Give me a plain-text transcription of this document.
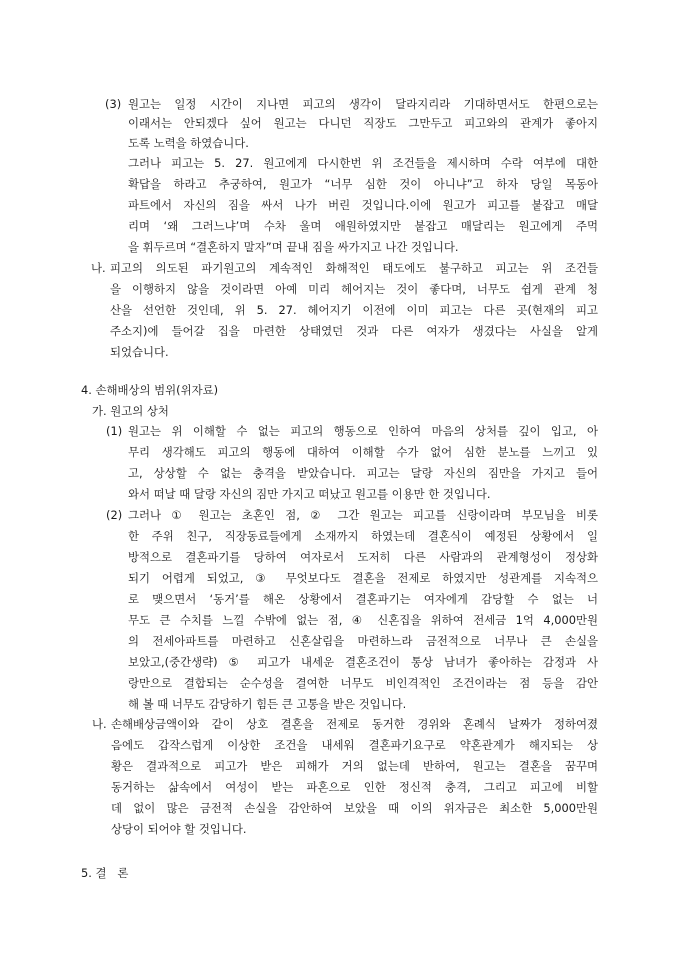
(3) 원고는 일정 시간이 지나면 피고의 생각이 달라지리라 기대하면서도 한편으로는
이래서는 안되겠다 싶어 원고는 다니던 직장도 그만두고 피고와의 관계가 좋아지
도록 노력을 하였습니다.
그러나 피고는 5. 27. 원고에게 다시한번 위 조건들을 제시하며 수락 여부에 대한
확답을 하라고 추궁하여, 원고가 “너무 심한 것이 아니냐”고 하자 당일 목동아
파트에서 자신의 짐을 싸서 나가 버린 것입니다.이에 원고가 피고를 붙잡고 매달
리며 ‘왜 그러느냐’며 수차 울며 애원하였지만 붙잡고 매달리는 원고에게 주먹
을 휘두르며 “결혼하지 말자”며 끝내 짐을 싸가지고 나간 것입니다.
나. 피고의 의도된 파기원고의 계속적인 화해적인 태도에도 불구하고 피고는 위 조건들
을 이행하지 않을 것이라면 아예 미리 헤어지는 것이 좋다며, 너무도 쉽게 관계 청
산을 선언한 것인데, 위 5. 27. 헤어지기 이전에 이미 피고는 다른 곳(현재의 피고
주소지)에 들어갈 집을 마련한 상태였던 것과 다른 여자가 생겼다는 사실을 알게
되었습니다.
4. 손해배상의 범위(위자료)
가. 원고의 상처
(1) 원고는 위 이해할 수 없는 피고의 행동으로 인하여 마음의 상처를 깊이 입고, 아
무리 생각해도 피고의 행동에 대하여 이해할 수가 없어 심한 분노를 느끼고 있
고, 상상할 수 없는 충격을 받았습니다. 피고는 달랑 자신의 짐만을 가지고 들어
와서 떠날 때 달랑 자신의 짐만 가지고 떠났고 원고를 이용만 한 것입니다.
(2) 그러나 ① 원고는 초혼인 점, ② 그간 원고는 피고를 신랑이라며 부모님을 비롯
한 주위 친구, 직장동료들에게 소재까지 하였는데 결혼식이 예정된 상황에서 일
방적으로 결혼파기를 당하여 여자로서 도저히 다른 사람과의 관계형성이 정상화
되기 어렵게 되었고, ③ 무엇보다도 결혼을 전제로 하였지만 성관계를 지속적으
로 맺으면서 ‘동거’를 해온 상황에서 결혼파기는 여자에게 감당할 수 없는 너
무도 큰 수치를 느낄 수밖에 없는 점, ④ 신혼집을 위하여 전세금 1억 4,000만원
의 전세아파트를 마련하고 신혼살림을 마련하느라 금전적으로 너무나 큰 손실을
보았고,(중간생략) ⑤ 피고가 내세운 결혼조건이 통상 남녀가 좋아하는 감정과 사
랑만으로 결합되는 순수성을 결여한 너무도 비인격적인 조건이라는 점 등을 감안
해 볼 때 너무도 감당하기 힘든 큰 고통을 받은 것입니다.
나. 손해배상금액이와 같이 상호 결혼을 전제로 동거한 경위와 혼례식 날짜가 정하여졌
음에도 갑작스럽게 이상한 조건을 내세워 결혼파기요구로 약혼관계가 해지되는 상
황은 결과적으로 피고가 받은 피해가 거의 없는데 반하여, 원고는 결혼을 꿈꾸며
동거하는 삶속에서 여성이 받는 파혼으로 인한 정신적 충격, 그리고 피고에 비할
데 없이 많은 금전적 손실을 감안하여 보았을 때 이의 위자금은 최소한 5,000만원
상당이 되어야 할 것입니다.
5. 결   론
